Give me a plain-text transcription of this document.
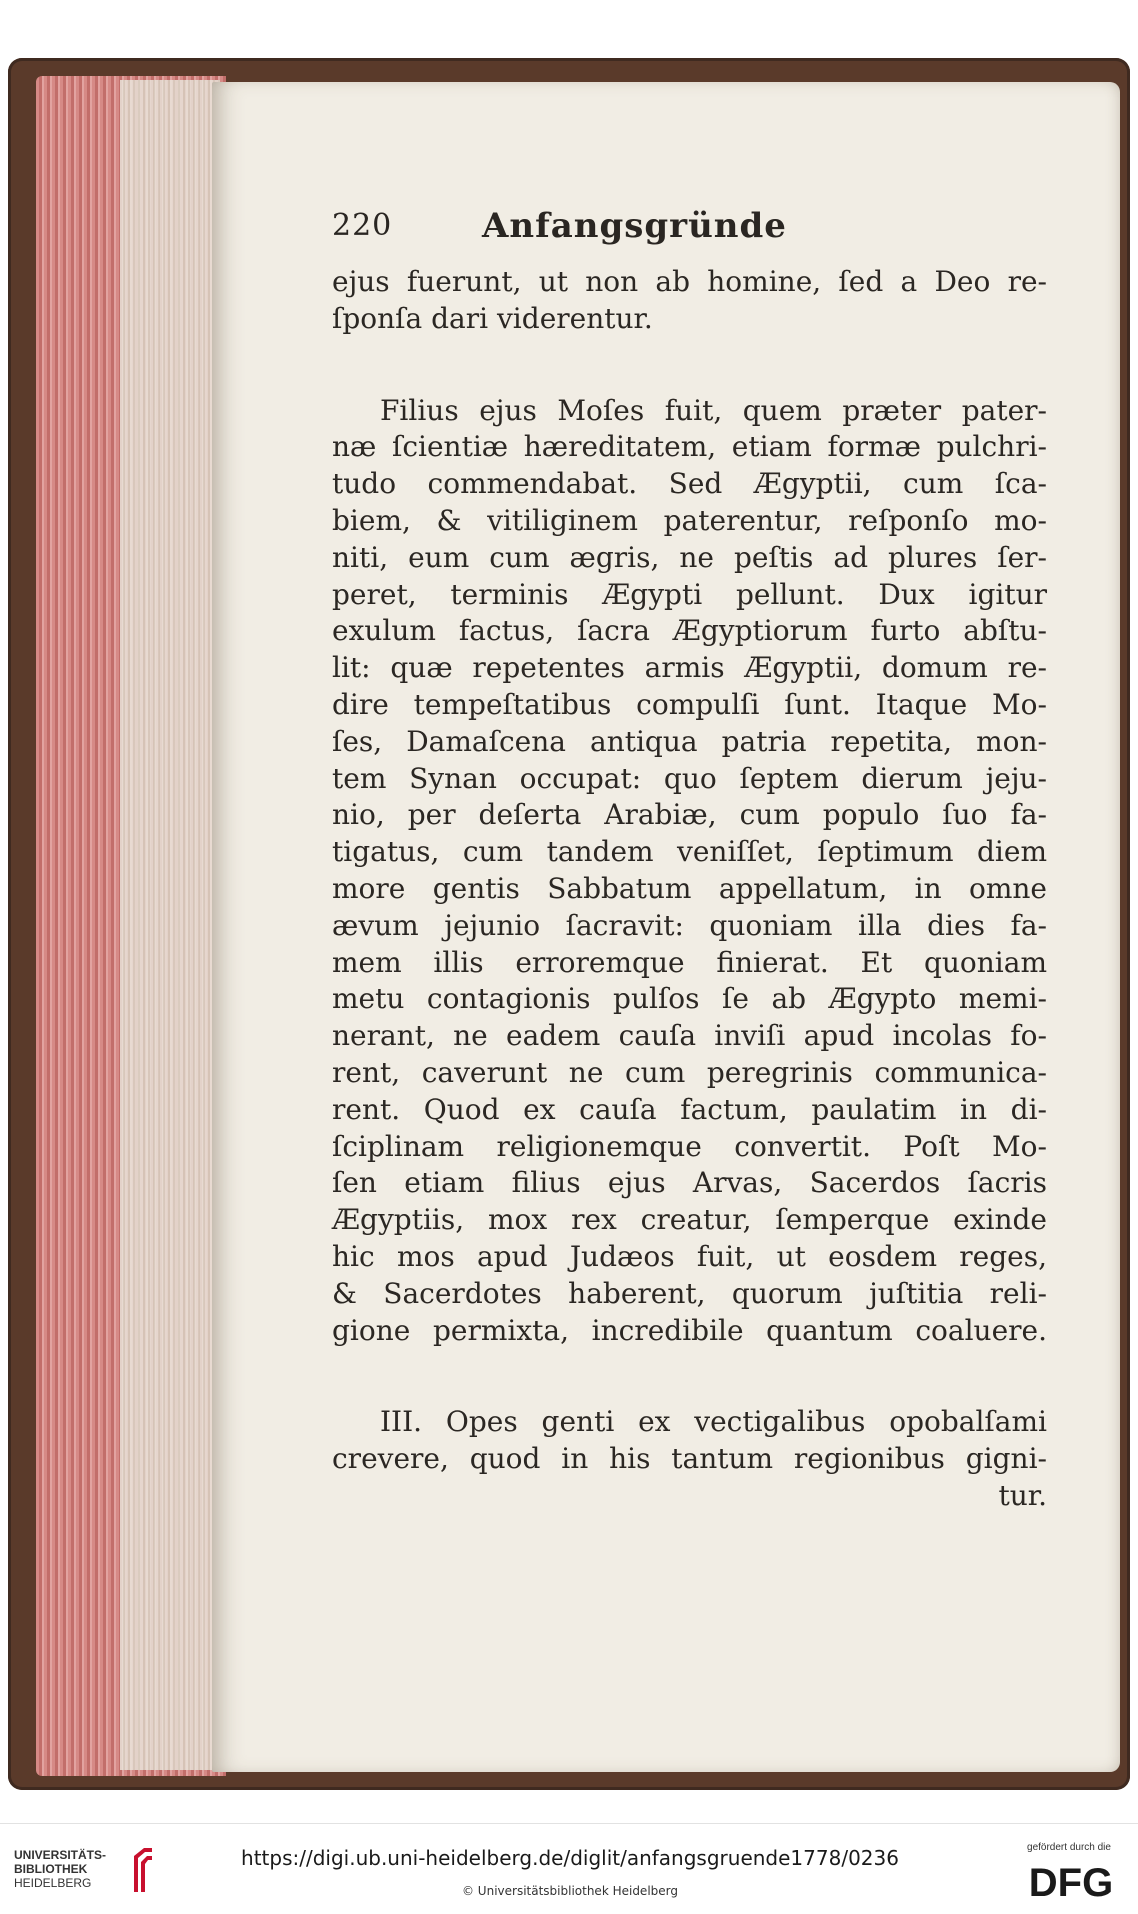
220	Anfangsgründe
ejus fuerunt, ut non ab homine, ſed a Deo re-
ſponſa dari viderentur.
Filius ejus Moſes fuit, quem præter pater-
næ ſcientiæ hæreditatem, etiam formæ pulchri-
tudo commendabat. Sed Ægyptii, cum ſca-
biem, & vitiliginem paterentur, reſponſo mo-
niti, eum cum ægris, ne peſtis ad plures ſer-
peret, terminis Ægypti pellunt. Dux igitur
exulum factus, ſacra Ægyptiorum furto abſtu-
lit: quæ repetentes armis Ægyptii, domum re-
dire tempeſtatibus compulſi ſunt. Itaque Mo-
ſes, Damaſcena antiqua patria repetita, mon-
tem Synan occupat: quo ſeptem dierum jeju-
nio, per deſerta Arabiæ, cum populo ſuo fa-
tigatus, cum tandem veniſſet, ſeptimum diem
more gentis Sabbatum appellatum, in omne
ævum jejunio ſacravit: quoniam illa dies fa-
mem illis erroremque finierat. Et quoniam
metu contagionis pulſos ſe ab Ægypto memi-
nerant, ne eadem cauſa inviſi apud incolas fo-
rent, caverunt ne cum peregrinis communica-
rent. Quod ex cauſa factum, paulatim in di-
ſciplinam religionemque convertit. Poſt Mo-
ſen etiam filius ejus Arvas, Sacerdos ſacris
Ægyptiis, mox rex creatur, ſemperque exinde
hic mos apud Judæos fuit, ut eosdem reges,
& Sacerdotes haberent, quorum juſtitia reli-
gione permixta, incredibile quantum coaluere.
III. Opes genti ex vectigalibus opobalſami
crevere, quod in his tantum regionibus gigni-
tur.
UNIVERSITÄTS-
BIBLIOTHEK
HEIDELBERG
https://digi.ub.uni-heidelberg.de/diglit/anfangsgruende1778/0236
© Universitätsbibliothek Heidelberg
gefördert durch die
DFG
